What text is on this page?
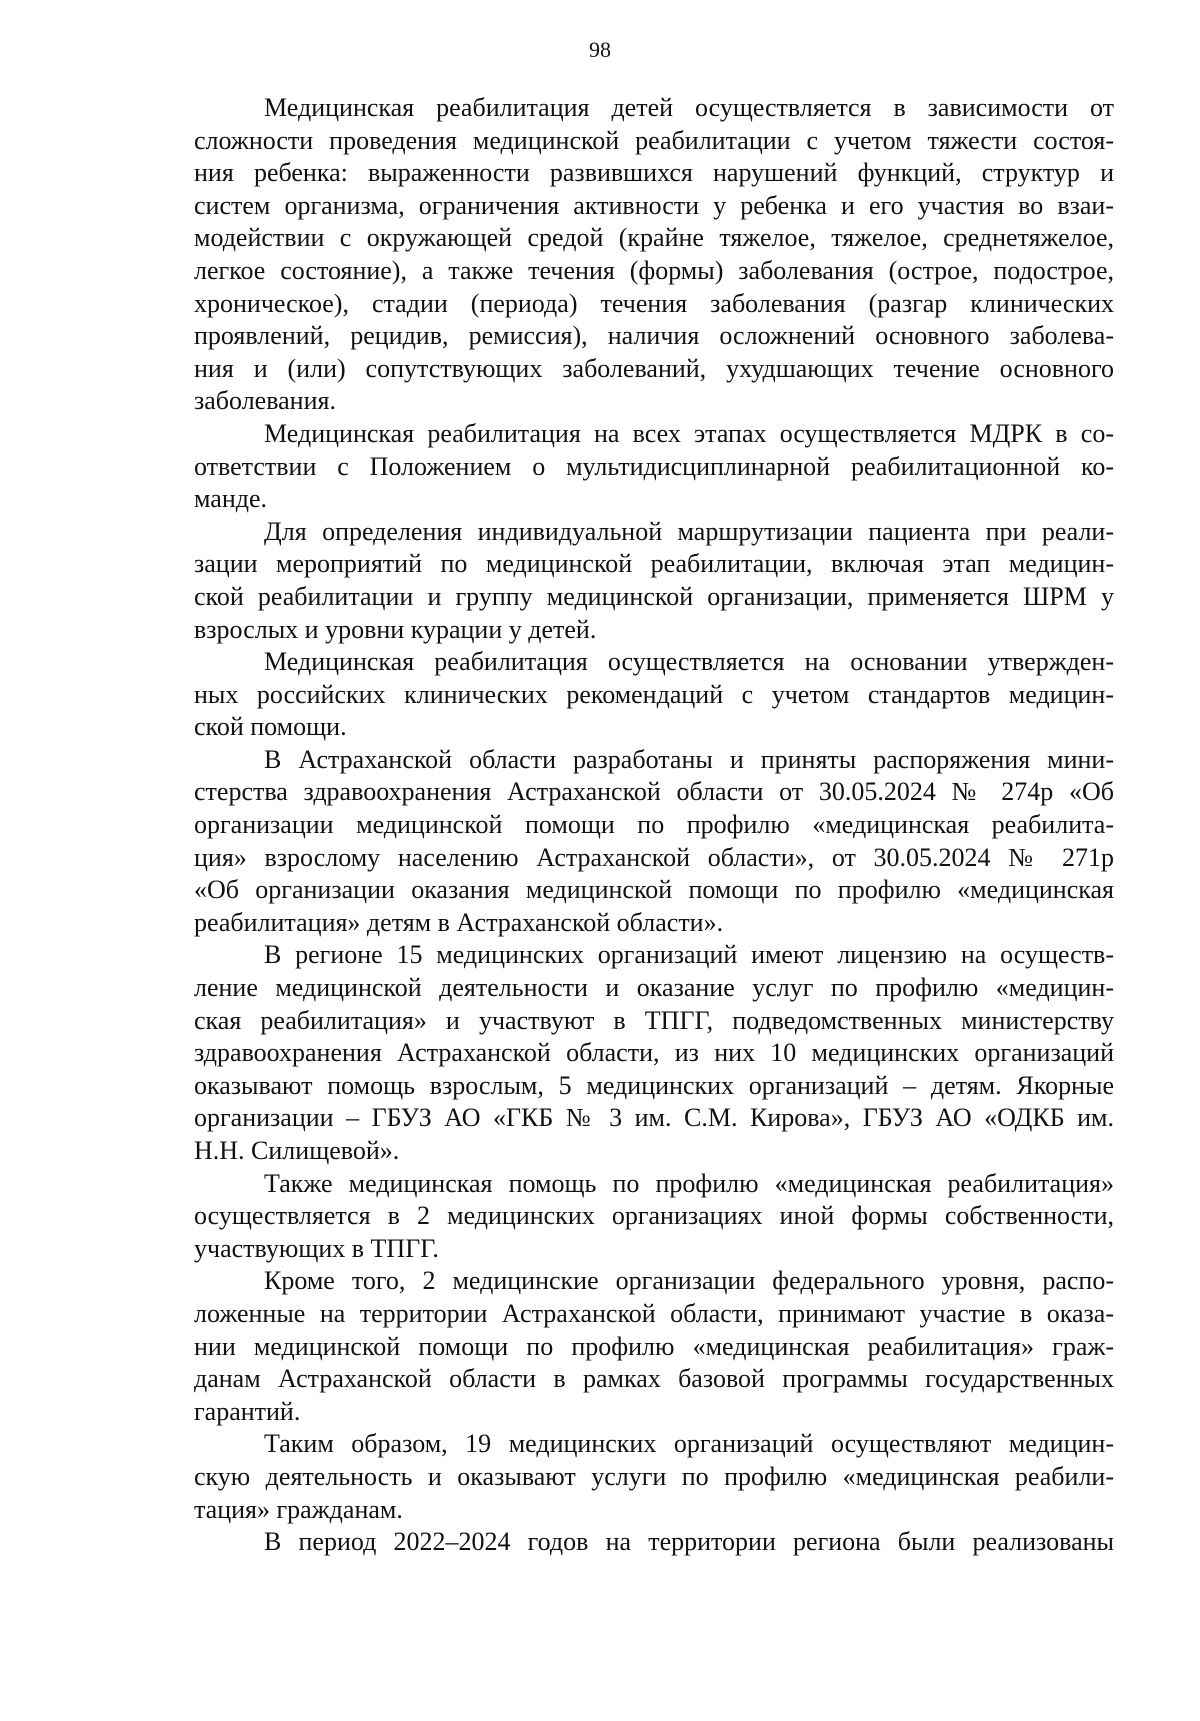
98

Медицинская реабилитация детей осуществляется в зависимости от
сложности проведения медицинской реабилитации с учетом тяжести состоя-
ния ребенка: выраженности развившихся нарушений функций, структур и
систем организма, ограничения активности у ребенка и его участия во взаи-
модействии с окружающей средой (крайне тяжелое, тяжелое, среднетяжелое,
легкое состояние), а также течения (формы) заболевания (острое, подострое,
хроническое), стадии (периода) течения заболевания (разгар клинических
проявлений, рецидив, ремиссия), наличия осложнений основного заболева-
ния и (или) сопутствующих заболеваний, ухудшающих течение основного
заболевания.
Медицинская реабилитация на всех этапах осуществляется МДРК в со-
ответствии с Положением о мультидисциплинарной реабилитационной ко-
манде.
Для определения индивидуальной маршрутизации пациента при реали-
зации мероприятий по медицинской реабилитации, включая этап медицин-
ской реабилитации и группу медицинской организации, применяется ШРМ у
взрослых и уровни курации у детей.
Медицинская реабилитация осуществляется на основании утвержден-
ных российских клинических рекомендаций с учетом стандартов медицин-
ской помощи.
В Астраханской области разработаны и приняты распоряжения мини-
стерства здравоохранения Астраханской области от 30.05.2024 № 274р «Об
организации медицинской помощи по профилю «медицинская реабилита-
ция» взрослому населению Астраханской области», от 30.05.2024 № 271р
«Об организации оказания медицинской помощи по профилю «медицинская
реабилитация» детям в Астраханской области».
В регионе 15 медицинских организаций имеют лицензию на осуществ-
ление медицинской деятельности и оказание услуг по профилю «медицин-
ская реабилитация» и участвуют в ТПГГ, подведомственных министерству
здравоохранения Астраханской области, из них 10 медицинских организаций
оказывают помощь взрослым, 5 медицинских организаций – детям. Якорные
организации – ГБУЗ АО «ГКБ № 3 им. С.М. Кирова», ГБУЗ АО «ОДКБ им.
Н.Н. Силищевой».
Также медицинская помощь по профилю «медицинская реабилитация»
осуществляется в 2 медицинских организациях иной формы собственности,
участвующих в ТПГГ.
Кроме того, 2 медицинские организации федерального уровня, распо-
ложенные на территории Астраханской области, принимают участие в оказа-
нии медицинской помощи по профилю «медицинская реабилитация» граж-
данам Астраханской области в рамках базовой программы государственных
гарантий.
Таким образом, 19 медицинских организаций осуществляют медицин-
скую деятельность и оказывают услуги по профилю «медицинская реабили-
тация» гражданам.
В период 2022–2024 годов на территории региона были реализованы
